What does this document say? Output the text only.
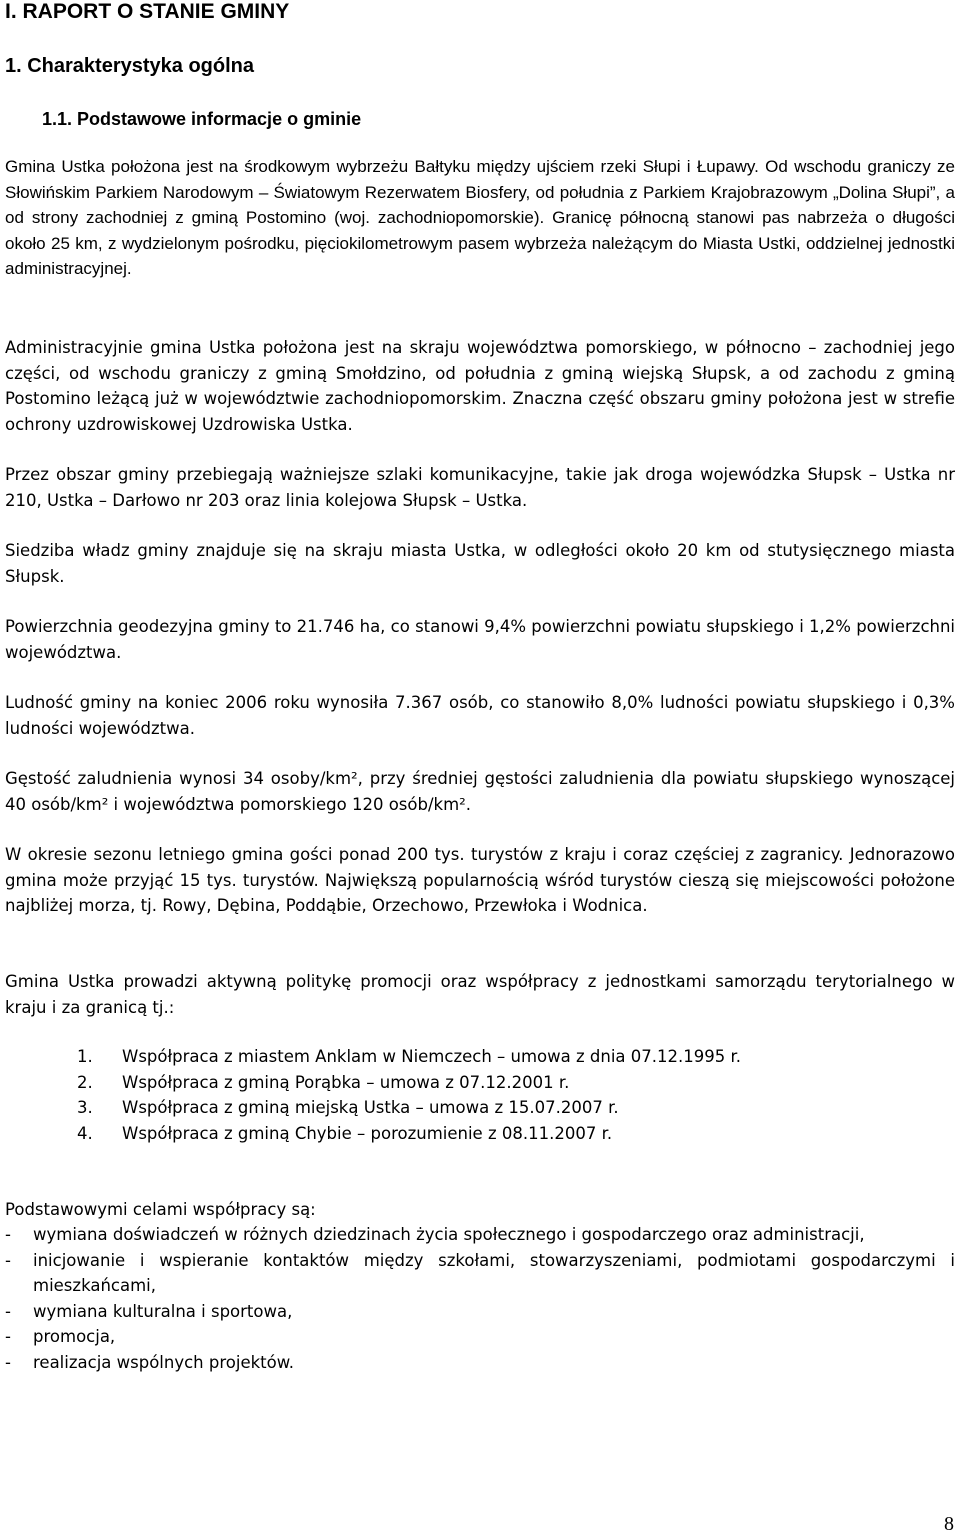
I. RAPORT O STANIE GMINY
1. Charakterystyka ogólna
1.1. Podstawowe informacje o gminie

Gmina Ustka położona jest na środkowym wybrzeżu Bałtyku między ujściem rzeki Słupi i Łupawy. Od wschodu graniczy ze Słowińskim Parkiem Narodowym – Światowym Rezerwatem Biosfery, od południa z Parkiem Krajobrazowym „Dolina Słupi”, a od strony zachodniej z gminą Postomino (woj. zachodniopomorskie). Granicę północną stanowi pas nabrzeża o długości około 25 km, z wydzielonym pośrodku, pięciokilometrowym pasem wybrzeża należącym do Miasta Ustki, oddzielnej jednostki administracyjnej.

Administracyjnie gmina Ustka położona jest na skraju województwa pomorskiego, w północno – zachodniej jego części, od wschodu graniczy z gminą Smołdzino, od południa z gminą wiejską Słupsk, a od zachodu z gminą Postomino leżącą już w województwie zachodniopomorskim. Znaczna część obszaru gminy położona jest w strefie ochrony uzdrowiskowej Uzdrowiska Ustka.

Przez obszar gminy przebiegają ważniejsze szlaki komunikacyjne, takie jak droga wojewódzka Słupsk – Ustka nr 210, Ustka – Darłowo nr 203 oraz linia kolejowa Słupsk – Ustka.

Siedziba władz gminy znajduje się na skraju miasta Ustka, w odległości około 20 km od stutysięcznego miasta Słupsk.

Powierzchnia geodezyjna gminy to 21.746 ha, co stanowi 9,4% powierzchni powiatu słupskiego i 1,2% powierzchni województwa.

Ludność gminy na koniec 2006 roku wynosiła 7.367 osób, co stanowiło 8,0% ludności powiatu słupskiego i 0,3% ludności województwa.

Gęstość zaludnienia wynosi 34 osoby/km², przy średniej gęstości zaludnienia dla powiatu słupskiego wynoszącej 40 osób/km² i województwa pomorskiego 120 osób/km².

W okresie sezonu letniego gmina gości ponad 200 tys. turystów z kraju i coraz częściej z zagranicy. Jednorazowo gmina może przyjąć 15 tys. turystów. Największą popularnością wśród turystów cieszą się miejscowości położone najbliżej morza, tj. Rowy, Dębina, Poddąbie, Orzechowo, Przewłoka i Wodnica.

Gmina Ustka prowadzi aktywną politykę promocji oraz współpracy z jednostkami samorządu terytorialnego w kraju i za granicą tj.:

1.	Współpraca z miastem Anklam w Niemczech – umowa z dnia 07.12.1995 r.
2.	Współpraca z gminą Porąbka – umowa z 07.12.2001 r.
3.	Współpraca z gminą miejską Ustka – umowa z 15.07.2007 r.
4.	Współpraca z gminą Chybie – porozumienie z 08.11.2007 r.

Podstawowymi celami współpracy są:

-	wymiana doświadczeń w różnych dziedzinach życia społecznego i gospodarczego oraz administracji,
-	inicjowanie i wspieranie kontaktów między szkołami, stowarzyszeniami, podmiotami gospodarczymi i mieszkańcami,
-	wymiana kulturalna i sportowa,
-	promocja,
-	realizacja wspólnych projektów.
8
